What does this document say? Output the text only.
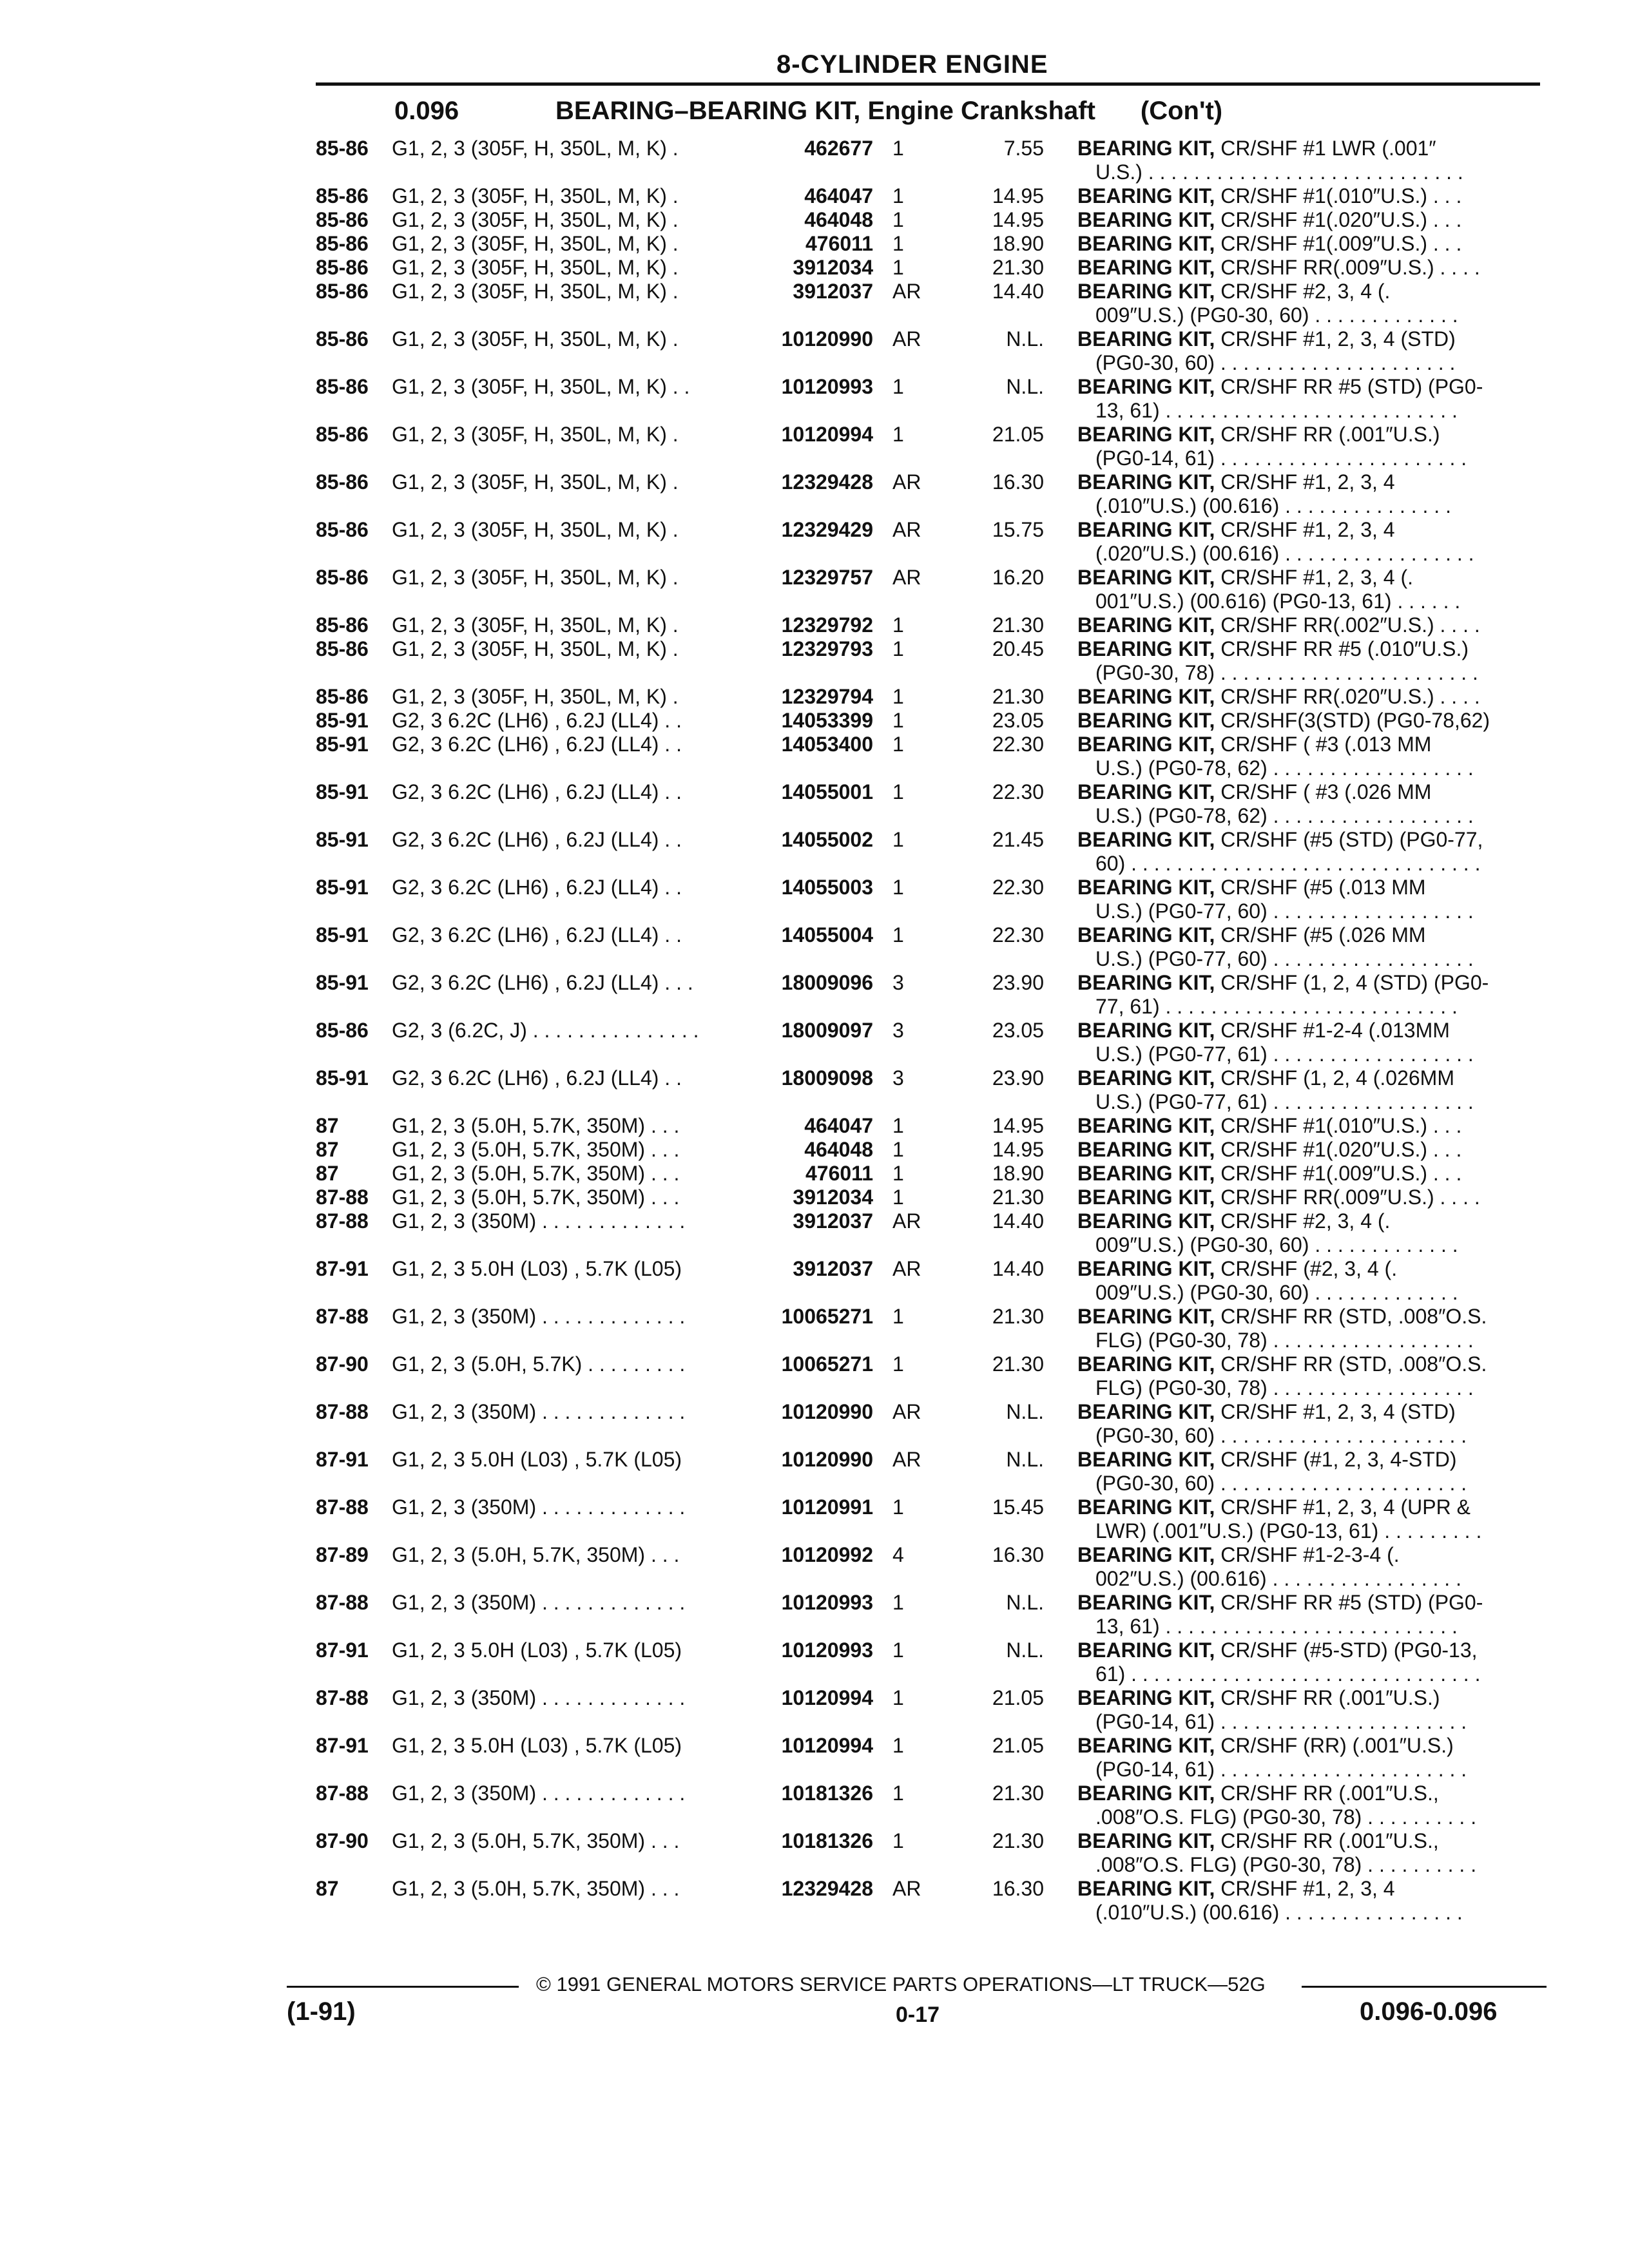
8-CYLINDER ENGINE
0.096	BEARING–BEARING KIT, Engine Crankshaft (Con't)
85-86 G1, 2, 3 (305F, H, 350L, M, K) .	462677 1	7.55 BEARING KIT, CR/SHF #1 LWR (.001″
U.S.) . . . . . . . . . . . . . . . . . . . . . . . . . . . .
85-86 G1, 2, 3 (305F, H, 350L, M, K) .	464047 1	14.95 BEARING KIT, CR/SHF #1(.010″U.S.) . . .
85-86 G1, 2, 3 (305F, H, 350L, M, K) .	464048 1	14.95 BEARING KIT, CR/SHF #1(.020″U.S.) . . .
85-86 G1, 2, 3 (305F, H, 350L, M, K) .	476011 1	18.90 BEARING KIT, CR/SHF #1(.009″U.S.) . . .
85-86 G1, 2, 3 (305F, H, 350L, M, K) .	3912034 1	21.30 BEARING KIT, CR/SHF RR(.009″U.S.) . . . .
85-86 G1, 2, 3 (305F, H, 350L, M, K) .	3912037 AR	14.40 BEARING KIT, CR/SHF #2, 3, 4 (.
009″U.S.) (PG0-30, 60) . . . . . . . . . . . . .
85-86 G1, 2, 3 (305F, H, 350L, M, K) .	10120990 AR	N.L. BEARING KIT, CR/SHF #1, 2, 3, 4 (STD)
(PG0-30, 60) . . . . . . . . . . . . . . . . . . . . .
85-86 G1, 2, 3 (305F, H, 350L, M, K) . .	10120993 1	N.L. BEARING KIT, CR/SHF RR #5 (STD) (PG0-
13, 61) . . . . . . . . . . . . . . . . . . . . . . . . . .
85-86 G1, 2, 3 (305F, H, 350L, M, K) .	10120994 1	21.05 BEARING KIT, CR/SHF RR (.001″U.S.)
(PG0-14, 61) . . . . . . . . . . . . . . . . . . . . . .
85-86 G1, 2, 3 (305F, H, 350L, M, K) .	12329428 AR	16.30 BEARING KIT, CR/SHF #1, 2, 3, 4
(.010″U.S.) (00.616) . . . . . . . . . . . . . . .
85-86 G1, 2, 3 (305F, H, 350L, M, K) .	12329429 AR	15.75 BEARING KIT, CR/SHF #1, 2, 3, 4
(.020″U.S.) (00.616) . . . . . . . . . . . . . . . . .
85-86 G1, 2, 3 (305F, H, 350L, M, K) .	12329757 AR	16.20 BEARING KIT, CR/SHF #1, 2, 3, 4 (.
001″U.S.) (00.616) (PG0-13, 61) . . . . . .
85-86 G1, 2, 3 (305F, H, 350L, M, K) .	12329792 1	21.30 BEARING KIT, CR/SHF RR(.002″U.S.) . . . .
85-86 G1, 2, 3 (305F, H, 350L, M, K) .	12329793 1	20.45 BEARING KIT, CR/SHF RR #5 (.010″U.S.)
(PG0-30, 78) . . . . . . . . . . . . . . . . . . . . . . .
85-86 G1, 2, 3 (305F, H, 350L, M, K) .	12329794 1	21.30 BEARING KIT, CR/SHF RR(.020″U.S.) . . . .
85-91 G2, 3 6.2C (LH6) , 6.2J (LL4) . .	14053399 1	23.05 BEARING KIT, CR/SHF(3(STD) (PG0-78,62)
85-91 G2, 3 6.2C (LH6) , 6.2J (LL4) . .	14053400 1	22.30 BEARING KIT, CR/SHF ( #3 (.013 MM
U.S.) (PG0-78, 62) . . . . . . . . . . . . . . . . . .
85-91 G2, 3 6.2C (LH6) , 6.2J (LL4) . .	14055001 1	22.30 BEARING KIT, CR/SHF ( #3 (.026 MM
U.S.) (PG0-78, 62) . . . . . . . . . . . . . . . . . .
85-91 G2, 3 6.2C (LH6) , 6.2J (LL4) . .	14055002 1	21.45 BEARING KIT, CR/SHF (#5 (STD) (PG0-77,
60) . . . . . . . . . . . . . . . . . . . . . . . . . . . . . . .
85-91 G2, 3 6.2C (LH6) , 6.2J (LL4) . .	14055003 1	22.30 BEARING KIT, CR/SHF (#5 (.013 MM
U.S.) (PG0-77, 60) . . . . . . . . . . . . . . . . . .
85-91 G2, 3 6.2C (LH6) , 6.2J (LL4) . .	14055004 1	22.30 BEARING KIT, CR/SHF (#5 (.026 MM
U.S.) (PG0-77, 60) . . . . . . . . . . . . . . . . . .
85-91 G2, 3 6.2C (LH6) , 6.2J (LL4) . . .	18009096 3	23.90 BEARING KIT, CR/SHF (1, 2, 4 (STD) (PG0-
77, 61) . . . . . . . . . . . . . . . . . . . . . . . . . .
85-86 G2, 3 (6.2C, J) . . . . . . . . . . . . . . .	18009097 3	23.05 BEARING KIT, CR/SHF #1-2-4 (.013MM
U.S.) (PG0-77, 61) . . . . . . . . . . . . . . . . . .
85-91 G2, 3 6.2C (LH6) , 6.2J (LL4) . .	18009098 3	23.90 BEARING KIT, CR/SHF (1, 2, 4 (.026MM
U.S.) (PG0-77, 61) . . . . . . . . . . . . . . . . . .
87	G1, 2, 3 (5.0H, 5.7K, 350M) . . .	464047 1	14.95 BEARING KIT, CR/SHF #1(.010″U.S.) . . .
87	G1, 2, 3 (5.0H, 5.7K, 350M) . . .	464048 1	14.95 BEARING KIT, CR/SHF #1(.020″U.S.) . . .
87	G1, 2, 3 (5.0H, 5.7K, 350M) . . .	476011 1	18.90 BEARING KIT, CR/SHF #1(.009″U.S.) . . .
87-88 G1, 2, 3 (5.0H, 5.7K, 350M) . . .	3912034 1	21.30 BEARING KIT, CR/SHF RR(.009″U.S.) . . . .
87-88 G1, 2, 3 (350M) . . . . . . . . . . . . .	3912037 AR	14.40 BEARING KIT, CR/SHF #2, 3, 4 (.
009″U.S.) (PG0-30, 60) . . . . . . . . . . . . .
87-91 G1, 2, 3 5.0H (L03) , 5.7K (L05)	3912037 AR	14.40 BEARING KIT, CR/SHF (#2, 3, 4 (.
009″U.S.) (PG0-30, 60) . . . . . . . . . . . . .
87-88 G1, 2, 3 (350M) . . . . . . . . . . . . .	10065271 1	21.30 BEARING KIT, CR/SHF RR (STD, .008″O.S.
FLG) (PG0-30, 78) . . . . . . . . . . . . . . . . . .
87-90 G1, 2, 3 (5.0H, 5.7K) . . . . . . . . .	10065271 1	21.30 BEARING KIT, CR/SHF RR (STD, .008″O.S.
FLG) (PG0-30, 78) . . . . . . . . . . . . . . . . . .
87-88 G1, 2, 3 (350M) . . . . . . . . . . . . .	10120990 AR	N.L. BEARING KIT, CR/SHF #1, 2, 3, 4 (STD)
(PG0-30, 60) . . . . . . . . . . . . . . . . . . . . . .
87-91 G1, 2, 3 5.0H (L03) , 5.7K (L05)	10120990 AR	N.L. BEARING KIT, CR/SHF (#1, 2, 3, 4-STD)
(PG0-30, 60) . . . . . . . . . . . . . . . . . . . . . .
87-88 G1, 2, 3 (350M) . . . . . . . . . . . . .	10120991 1	15.45 BEARING KIT, CR/SHF #1, 2, 3, 4 (UPR &
LWR) (.001″U.S.) (PG0-13, 61) . . . . . . . . .
87-89 G1, 2, 3 (5.0H, 5.7K, 350M) . . .	10120992 4	16.30 BEARING KIT, CR/SHF #1-2-3-4 (.
002″U.S.) (00.616) . . . . . . . . . . . . . . . . .
87-88 G1, 2, 3 (350M) . . . . . . . . . . . . .	10120993 1	N.L. BEARING KIT, CR/SHF RR #5 (STD) (PG0-
13, 61) . . . . . . . . . . . . . . . . . . . . . . . . . .
87-91 G1, 2, 3 5.0H (L03) , 5.7K (L05)	10120993 1	N.L. BEARING KIT, CR/SHF (#5-STD) (PG0-13,
61) . . . . . . . . . . . . . . . . . . . . . . . . . . . . . . .
87-88 G1, 2, 3 (350M) . . . . . . . . . . . . .	10120994 1	21.05 BEARING KIT, CR/SHF RR (.001″U.S.)
(PG0-14, 61) . . . . . . . . . . . . . . . . . . . . . .
87-91 G1, 2, 3 5.0H (L03) , 5.7K (L05)	10120994 1	21.05 BEARING KIT, CR/SHF (RR) (.001″U.S.)
(PG0-14, 61) . . . . . . . . . . . . . . . . . . . . . .
87-88 G1, 2, 3 (350M) . . . . . . . . . . . . .	10181326 1	21.30 BEARING KIT, CR/SHF RR (.001″U.S.,
.008″O.S. FLG) (PG0-30, 78) . . . . . . . . . .
87-90 G1, 2, 3 (5.0H, 5.7K, 350M) . . .	10181326 1	21.30 BEARING KIT, CR/SHF RR (.001″U.S.,
.008″O.S. FLG) (PG0-30, 78) . . . . . . . . . .
87	G1, 2, 3 (5.0H, 5.7K, 350M) . . .	12329428 AR	16.30 BEARING KIT, CR/SHF #1, 2, 3, 4
(.010″U.S.) (00.616) . . . . . . . . . . . . . . . .
© 1991 GENERAL MOTORS SERVICE PARTS OPERATIONS—LT TRUCK—52G
(1-91)	0-17	0.096-0.096
